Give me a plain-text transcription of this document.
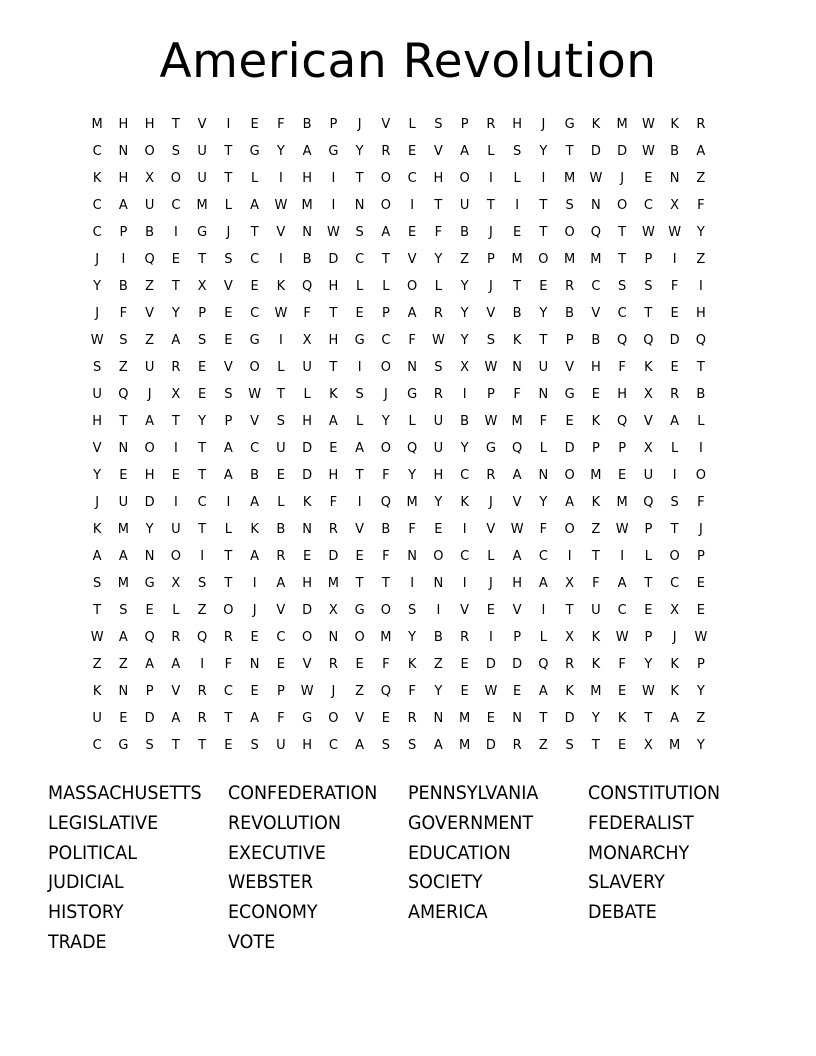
American Revolution
M	H	H	T	V	I	E	F	B	P	J	V	L	S	P	R	H	J	G	K	M	W	K	R
C	N	O	S	U	T	G	Y	A	G	Y	R	E	V	A	L	S	Y	T	D	D	W	B	A
K	H	X	O	U	T	L	I	H	I	T	O	C	H	O	I	L	I	M	W	J	E	N	Z
C	A	U	C	M	L	A	W	M	I	N	O	I	T	U	T	I	T	S	N	O	C	X	F
C	P	B	I	G	J	T	V	N	W	S	A	E	F	B	J	E	T	O	Q	T	W	W	Y
J	I	Q	E	T	S	C	I	B	D	C	T	V	Y	Z	P	M	O	M	M	T	P	I	Z
Y	B	Z	T	X	V	E	K	Q	H	L	L	O	L	Y	J	T	E	R	C	S	S	F	I
J	F	V	Y	P	E	C	W	F	T	E	P	A	R	Y	V	B	Y	B	V	C	T	E	H
W	S	Z	A	S	E	G	I	X	H	G	C	F	W	Y	S	K	T	P	B	Q	Q	D	Q
S	Z	U	R	E	V	O	L	U	T	I	O	N	S	X	W	N	U	V	H	F	K	E	T
U	Q	J	X	E	S	W	T	L	K	S	J	G	R	I	P	F	N	G	E	H	X	R	B
H	T	A	T	Y	P	V	S	H	A	L	Y	L	U	B	W	M	F	E	K	Q	V	A	L
V	N	O	I	T	A	C	U	D	E	A	O	Q	U	Y	G	Q	L	D	P	P	X	L	I
Y	E	H	E	T	A	B	E	D	H	T	F	Y	H	C	R	A	N	O	M	E	U	I	O
J	U	D	I	C	I	A	L	K	F	I	Q	M	Y	K	J	V	Y	A	K	M	Q	S	F
K	M	Y	U	T	L	K	B	N	R	V	B	F	E	I	V	W	F	O	Z	W	P	T	J
A	A	N	O	I	T	A	R	E	D	E	F	N	O	C	L	A	C	I	T	I	L	O	P
S	M	G	X	S	T	I	A	H	M	T	T	I	N	I	J	H	A	X	F	A	T	C	E
T	S	E	L	Z	O	J	V	D	X	G	O	S	I	V	E	V	I	T	U	C	E	X	E
W	A	Q	R	Q	R	E	C	O	N	O	M	Y	B	R	I	P	L	X	K	W	P	J	W
Z	Z	A	A	I	F	N	E	V	R	E	F	K	Z	E	D	D	Q	R	K	F	Y	K	P
K	N	P	V	R	C	E	P	W	J	Z	Q	F	Y	E	W	E	A	K	M	E	W	K	Y
U	E	D	A	R	T	A	F	G	O	V	E	R	N	M	E	N	T	D	Y	K	T	A	Z
C	G	S	T	T	E	S	U	H	C	A	S	S	A	M	D	R	Z	S	T	E	X	M	Y
MASSACHUSETTS	CONFEDERATION	PENNSYLVANIA	CONSTITUTION
LEGISLATIVE	REVOLUTION	GOVERNMENT	FEDERALIST
POLITICAL	EXECUTIVE	EDUCATION	MONARCHY
JUDICIAL	WEBSTER	SOCIETY	SLAVERY
HISTORY	ECONOMY	AMERICA	DEBATE
TRADE	VOTE
